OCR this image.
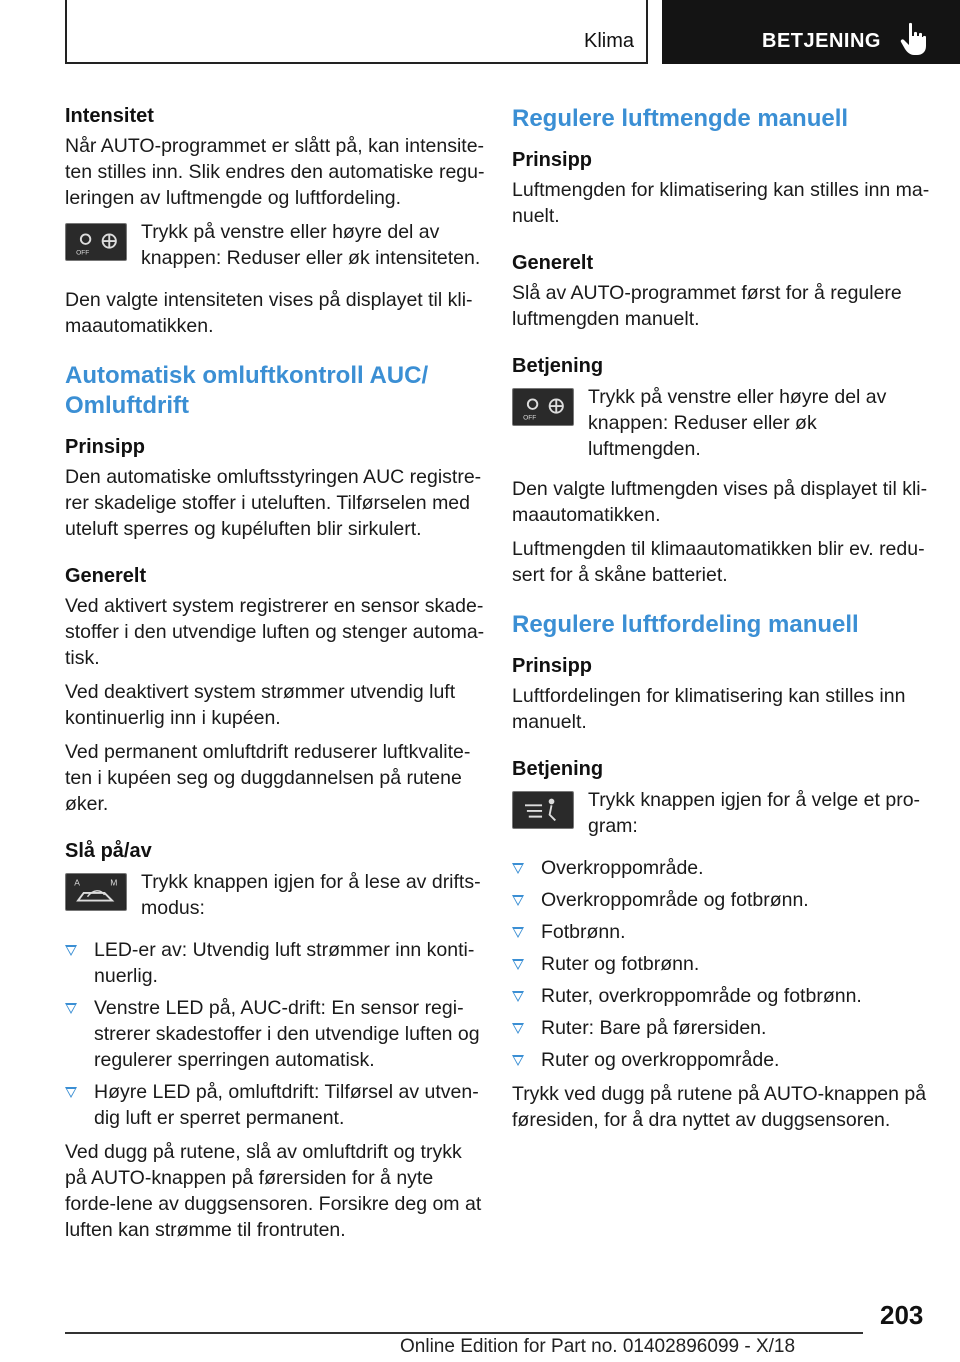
Klima	BETJENING
Intensitet
Når AUTO-programmet er slått på, kan intensite-ten stilles inn. Slik endres den automatiske regu-leringen av luftmengde og luftfordeling.
OFF
Trykk på venstre eller høyre del av knappen: Reduser eller øk intensiteten.
Den valgte intensiteten vises på displayet til kli-maautomatikken.
Automatisk omluftkontroll AUC/ Omluftdrift
Prinsipp
Den automatiske omluftsstyringen AUC registre-rer skadelige stoffer i uteluften. Tilførselen med uteluft sperres og kupéluften blir sirkulert.
Generelt
Ved aktivert system registrerer en sensor skade-stoffer i den utvendige luften og stenger automa-tisk.
Ved deaktivert system strømmer utvendig luft kontinuerlig inn i kupéen.
Ved permanent omluftdrift reduserer luftkvalite-ten i kupéen seg og duggdannelsen på rutene øker.
Slå på/av
A	M Trykk knappen igjen for å lese av drifts-modus:
LED-er av: Utvendig luft strømmer inn konti-nuerlig.
Venstre LED på, AUC-drift: En sensor regi-strerer skadestoffer i den utvendige luften og regulerer sperringen automatisk.
Høyre LED på, omluftdrift: Tilførsel av utven-dig luft er sperret permanent.
Ved dugg på rutene, slå av omluftdrift og trykk på AUTO-knappen på førersiden for å nyte forde-lene av duggsensoren. Forsikre deg om at luften kan strømme til frontruten.
Regulere luftmengde manuell
Prinsipp
Luftmengden for klimatisering kan stilles inn ma-nuelt.
Generelt
Slå av AUTO-programmet først for å regulere luftmengden manuelt.
Betjening
OFF
Trykk på venstre eller høyre del av knappen: Reduser eller øk luftmengden.
Den valgte luftmengden vises på displayet til kli-maautomatikken.
Luftmengden til klimaautomatikken blir ev. redu-sert for å skåne batteriet.
Regulere luftfordeling manuell
Prinsipp
Luftfordelingen for klimatisering kan stilles inn manuelt.
Betjening
Trykk knappen igjen for å velge et pro-gram:
Overkroppområde.
Overkroppområde og fotbrønn.
Fotbrønn.
Ruter og fotbrønn.
Ruter, overkroppområde og fotbrønn.
Ruter: Bare på førersiden.
Ruter og overkroppområde.
Trykk ved dugg på rutene på AUTO-knappen på føresiden, for å dra nyttet av duggsensoren.
203
Online Edition for Part no. 01402896099 - X/18
